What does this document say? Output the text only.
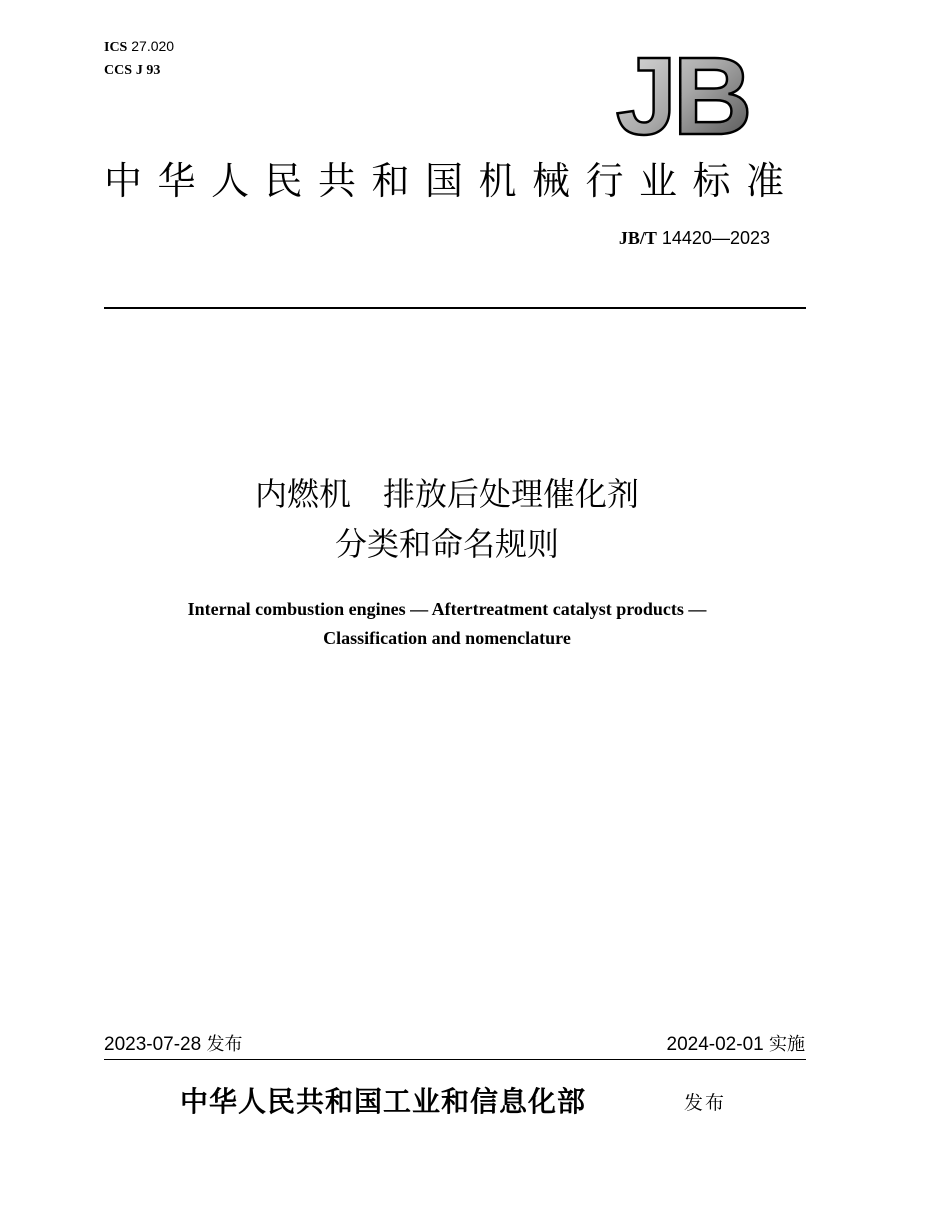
ICS 27.020
CCS J 93	JB
中华人民共和国机械行业标准
JB/T 14420—2023
内燃机　排放后处理催化剂
分类和命名规则
Internal combustion engines — Aftertreatment catalyst products —
Classification and nomenclature
2023-07-28 发布	2024-02-01 实施
中华人民共和国工业和信息化部	发布
